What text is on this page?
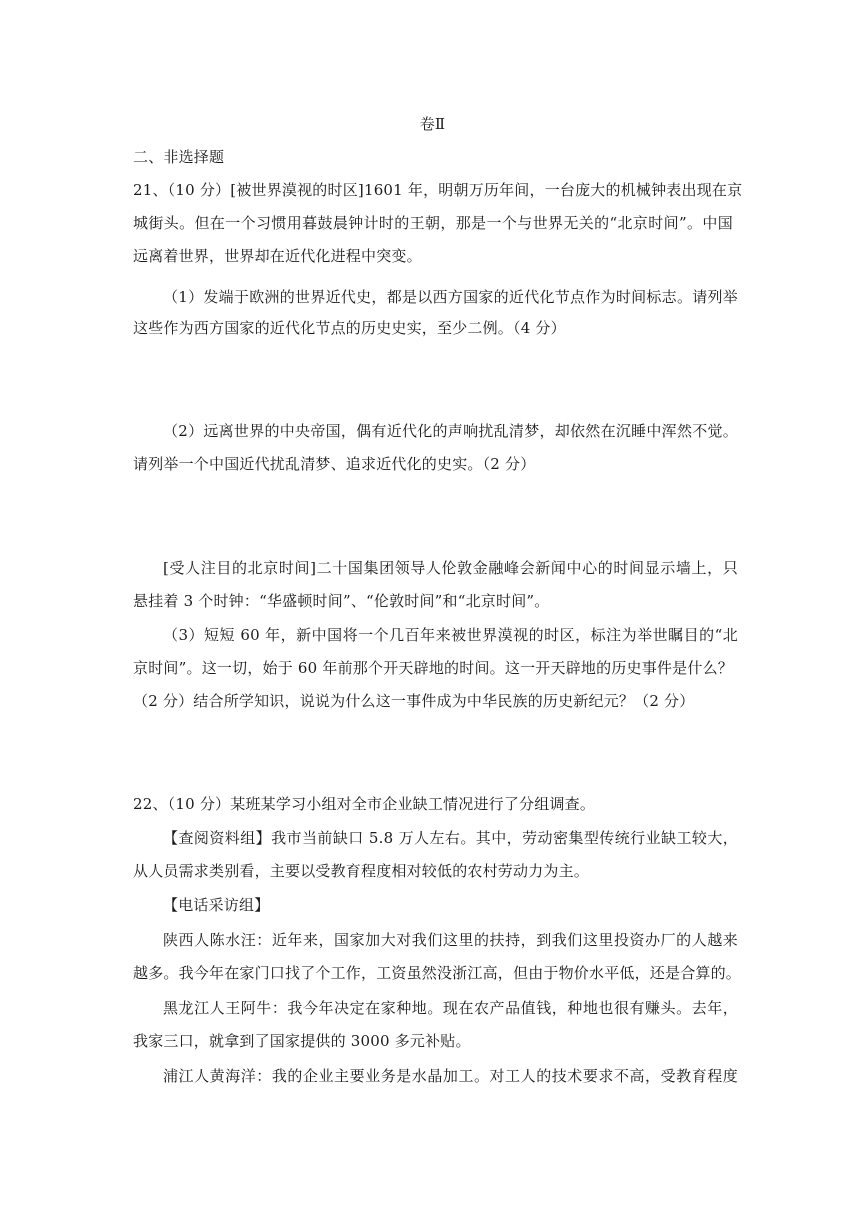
卷Ⅱ
二、非选择题
21、（10 分）[被世界漠视的时区]1601 年，明朝万历年间，一台庞大的机械钟表出现在京
城街头。但在一个习惯用暮鼓晨钟计时的王朝，那是一个与世界无关的“北京时间”。中国
远离着世界，世界却在近代化进程中突变。
（1）发端于欧洲的世界近代史，都是以西方国家的近代化节点作为时间标志。请列举
这些作为西方国家的近代化节点的历史史实，至少二例。（4 分）
（2）远离世界的中央帝国，偶有近代化的声响扰乱清梦，却依然在沉睡中浑然不觉。
请列举一个中国近代扰乱清梦、追求近代化的史实。（2 分）
[受人注目的北京时间]二十国集团领导人伦敦金融峰会新闻中心的时间显示墙上，只
悬挂着 3 个时钟：“华盛顿时间”、“伦敦时间”和“北京时间”。
（3）短短 60 年，新中国将一个几百年来被世界漠视的时区，标注为举世瞩目的“北
京时间”。这一切，始于 60 年前那个开天辟地的时间。这一开天辟地的历史事件是什么？
（2 分）结合所学知识，说说为什么这一事件成为中华民族的历史新纪元？（2 分）
22、（10 分）某班某学习小组对全市企业缺工情况进行了分组调查。
【查阅资料组】我市当前缺口 5.8 万人左右。其中，劳动密集型传统行业缺工较大，
从人员需求类别看，主要以受教育程度相对较低的农村劳动力为主。
【电话采访组】
陕西人陈水汪：近年来，国家加大对我们这里的扶持，到我们这里投资办厂的人越来
越多。我今年在家门口找了个工作，工资虽然没浙江高，但由于物价水平低，还是合算的。
黑龙江人王阿牛：我今年决定在家种地。现在农产品值钱，种地也很有赚头。去年，
我家三口，就拿到了国家提供的 3000 多元补贴。
浦江人黄海洋：我的企业主要业务是水晶加工。对工人的技术要求不高，受教育程度
